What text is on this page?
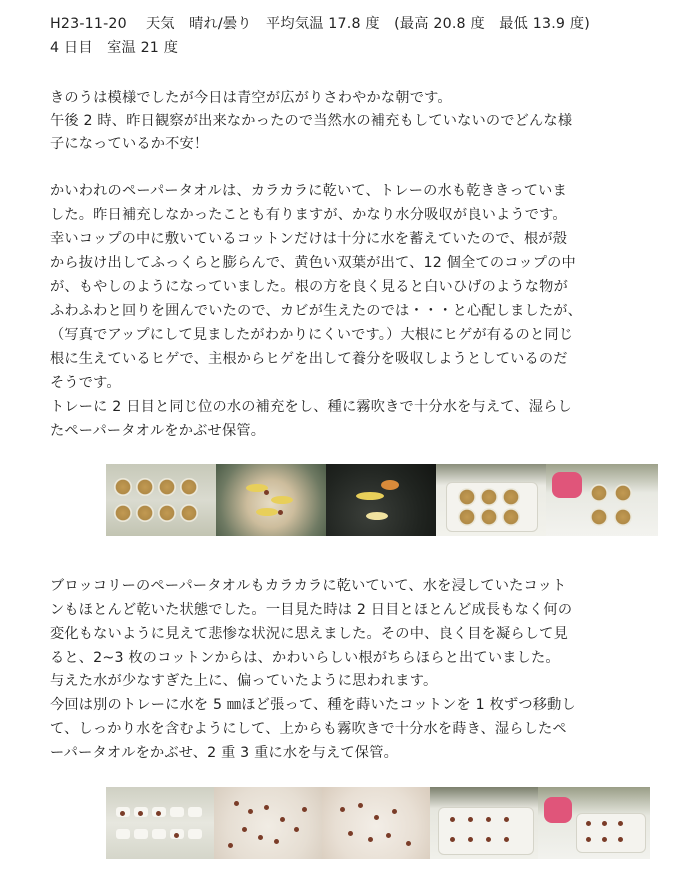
H23-11-20　 天気　晴れ/曇り　平均気温 17.8 度　(最高 20.8 度　最低 13.9 度)
4 日目　室温 21 度
きのうは模様でしたが今日は青空が広がりさわやかな朝です。
午後 2 時、昨日観察が出来なかったので当然水の補充もしていないのでどんな様
子になっているか不安！
かいわれのペーパータオルは、カラカラに乾いて、トレーの水も乾ききっていま
した。昨日補充しなかったことも有りますが、かなり水分吸収が良いようです。
幸いコップの中に敷いているコットンだけは十分に水を蓄えていたので、根が殻
から抜け出してふっくらと膨らんで、黄色い双葉が出て、12 個全てのコップの中
が、もやしのようになっていました。根の方を良く見ると白いひげのような物が
ふわふわと回りを囲んでいたので、カビが生えたのでは・・・と心配しましたが、
（写真でアップにして見ましたがわかりにくいです。）大根にヒゲが有るのと同じ
根に生えているヒゲで、主根からヒゲを出して養分を吸収しようとしているのだ
そうです。
トレーに 2 日目と同じ位の水の補充をし、種に霧吹きで十分水を与えて、湿らし
たペーパータオルをかぶせ保管。
ブロッコリーのペーパータオルもカラカラに乾いていて、水を浸していたコット
ンもほとんど乾いた状態でした。一目見た時は 2 日目とほとんど成長もなく何の
変化もないように見えて悲惨な状況に思えました。その中、良く目を凝らして見
ると、2~3 枚のコットンからは、かわいらしい根がちらほらと出ていました。
与えた水が少なすぎた上に、偏っていたように思われます。
今回は別のトレーに水を 5 ㎜ほど張って、種を蒔いたコットンを 1 枚ずつ移動し
て、しっかり水を含むようにして、上からも霧吹きで十分水を蒔き、湿らしたペ
ーパータオルをかぶせ、2 重 3 重に水を与えて保管。
